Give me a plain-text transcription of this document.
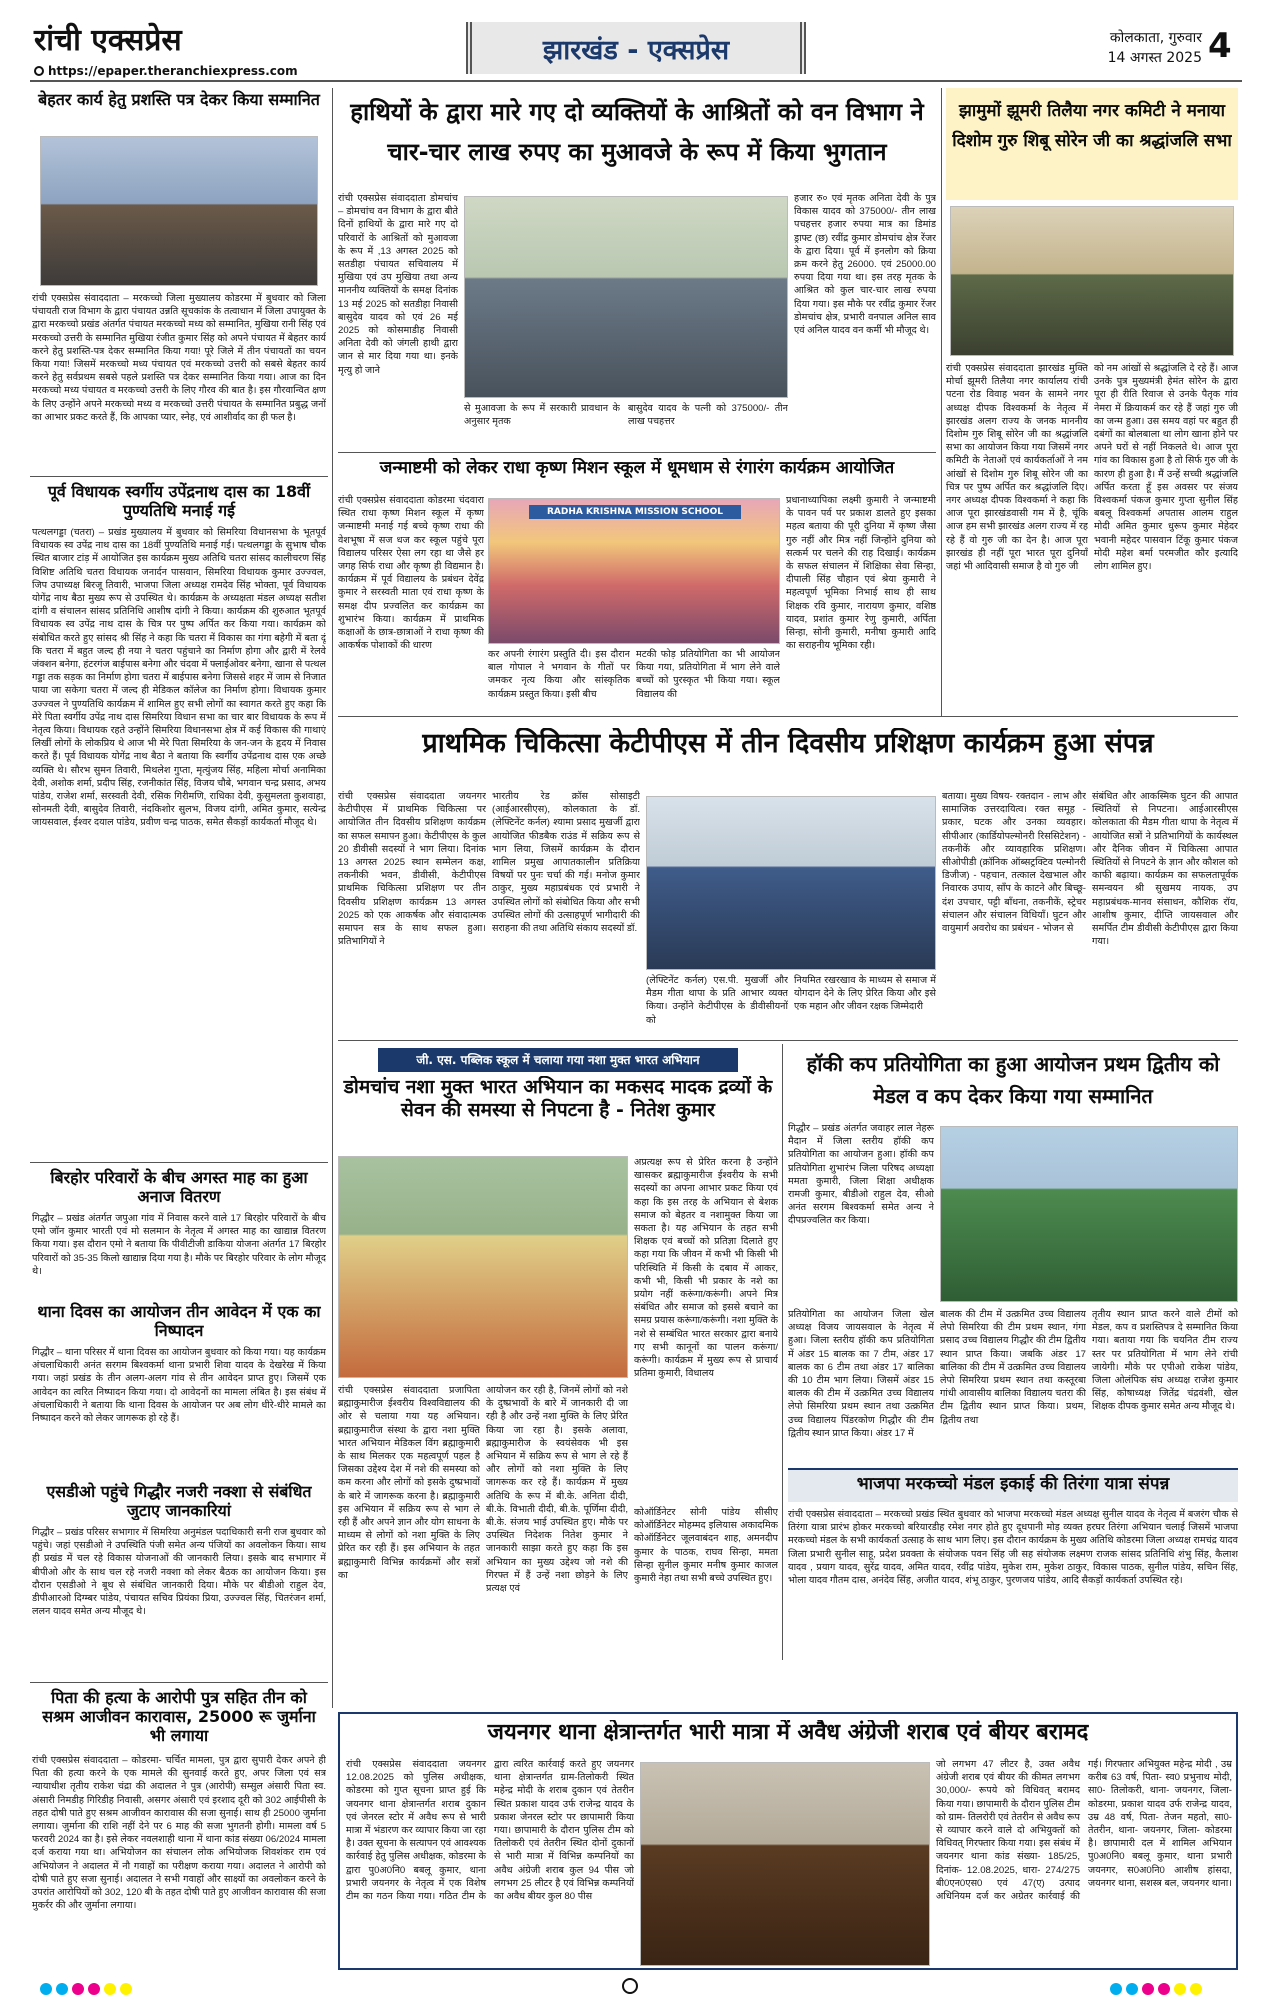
रांची एक्सप्रेस
https://epaper.theranchiexpress.com
झारखंड - एक्सप्रेस	कोलकाता, गुरुवार
14 अगस्त 2025 4
बेहतर कार्य हेतु प्रशस्ति पत्र देकर किया सम्मानित
रांची एक्सप्रेस संवाददाता – मरकच्चो जिला मुख्यालय कोडरमा में बुधवार को जिला पंचायती राज विभाग के द्वारा पंचायत उन्नति सूचकांक के तत्वाधान में जिला उपायुक्त के द्वारा मरकच्चो प्रखंड अंतर्गत पंचायत मरकच्चो मध्य को सम्मानित, मुखिया रानी सिंह एवं मरकच्चो उत्तरी के सम्मानित मुखिया रंजीत कुमार सिंह को अपने पंचायत में बेहतर कार्य करने हेतु प्रशस्ति-पत्र देकर सम्मानित किया गया! पूरे जिले में तीन पंचायतों का चयन किया गया! जिसमें मरकच्चो मध्य पंचायत एवं मरकच्चो उत्तरी को सबसे बेहतर कार्य करने हेतु सर्वप्रथम सबसे पहले प्रशस्ति पत्र देकर सम्मानित किया गया। आज का दिन मरकच्चो मध्य पंचायत व मरकच्चो उत्तरी के लिए गौरव की बात है। इस गौरवान्वित क्षण के लिए उन्होंने अपने मरकच्चो मध्य व मरकच्चो उत्तरी पंचायत के सम्मानित प्रबुद्ध जनों का आभार प्रकट करते हैं, कि आपका प्यार, स्नेह, एवं आशीर्वाद का ही फल है।
पूर्व विधायक स्वर्गीय उपेंद्रनाथ दास का 18वीं पुण्यतिथि मनाई गई
पत्थलगड्डा (चतरा) – प्रखंड मुख्यालय में बुधवार को सिमरिया विधानसभा के भूतपूर्व विधायक स्व उपेंद्र नाथ दास का 18वीं पुण्यतिथि मनाई गई। पत्थलगड्डा के सुभाष चौक स्थित बाजार टांड़ में आयोजित इस कार्यक्रम मुख्य अतिथि चतरा सांसद कालीचरण सिंह विशिष्ट अतिथि चतरा विधायक जनार्दन पासवान, सिमरिया विधायक कुमार उज्ज्वल, जिप उपाध्यक्ष बिरजू तिवारी, भाजपा जिला अध्यक्ष रामदेव सिंह भोक्ता, पूर्व विधायक योगेंद्र नाथ बैठा मुख्य रूप से उपस्थित थे। कार्यक्रम के अध्यक्षता मंडल अध्यक्ष सतीश दांगी व संचालन सांसद प्रतिनिधि आशीष दांगी ने किया। कार्यक्रम की शुरुआत भूतपूर्व विधायक स्व उपेंद्र नाथ दास के चित्र पर पुष्प अर्पित कर किया गया। कार्यक्रम को संबोधित करते हुए सांसद श्री सिंह ने कहा कि चतरा में विकास का गंगा बहेगी में बता दूं कि चतरा में बहुत जल्द ही नया ने चतरा पहुंचाने का निर्माण होगा और द्वारी में रेलवे जंक्शन बनेगा, हंटरगंज बाईपास बनेगा और चंदवा में फ्लाईओवर बनेगा, खाना से पत्थल गड्डा तक सड़क का निर्माण होगा चतरा में बाईपास बनेगा जिससे शहर में जाम से निजात पाया जा सकेगा चतरा में जल्द ही मेडिकल कॉलेज का निर्माण होगा। विधायक कुमार उज्ज्वल ने पुण्यतिथि कार्यक्रम में शामिल हुए सभी लोगों का स्वागत करते हुए कहा कि मेरे पिता स्वर्गीय उपेंद्र नाथ दास सिमरिया विधान सभा का चार बार विधायक के रूप में नेतृत्व किया। विधायक रहते उन्होंने सिमरिया विधानसभा क्षेत्र में कई विकास की गाथाएं लिखीं लोगों के लोकप्रिय थे आज भी मेरे पिता सिमरिया के जन-जन के हृदय में निवास करते हैं। पूर्व विधायक योगेंद्र नाथ बैठा ने बताया कि स्वर्गीय उपेंद्रनाथ दास एक अच्छे व्यक्ति थे। सौरभ सुमन तिवारी, मिथलेश गुप्ता, मृत्युंजय सिंह, महिला मोर्चा अनामिका देवी, अशोक शर्मा, प्रदीप सिंह, रजनीकांत सिंह, विजय चौबे, भगवान चन्द्र प्रसाद, अभय पांडेय, राजेश शर्मा, सरस्वती देवी, रसिक गिरीमणि, राधिका देवी, कुसुमलता कुशवाहा, सोनमती देवी, बासुदेव तिवारी, नंदकिशोर सुलभ, विजय दांगी, अमित कुमार, सत्येन्द्र जायसवाल, ईश्वर दयाल पांडेय, प्रवीण चन्द्र पाठक, समेत सैकड़ों कार्यकर्ता मौजूद थे।
बिरहोर परिवारों के बीच अगस्त माह का हुआ अनाज वितरण
गिद्धौर – प्रखंड अंतर्गत जपुआ गांव में निवास करने वाले 17 बिरहोर परिवारों के बीच एमो जॉन कुमार भारती एवं मो सलमान के नेतृत्व में अगस्त माह का खाद्यान्न वितरण किया गया। इस दौरान एमो ने बताया कि पीवीटीजी डाकिया योजना अंतर्गत 17 बिरहोर परिवारों को 35-35 किलो खाद्यान्न दिया गया है। मौके पर बिरहोर परिवार के लोग मौजूद थे।
थाना दिवस का आयोजन तीन आवेदन में एक का निष्पादन
गिद्धौर – थाना परिसर में थाना दिवस का आयोजन बुधवार को किया गया। यह कार्यक्रम अंचलाधिकारी अनंत सरगम बिश्वकर्मा थाना प्रभारी शिवा यादव के देखरेख में किया गया। जहां प्रखंड के तीन अलग-अलग गांव से तीन आवेदन प्राप्त हुए। जिसमें एक आवेदन का त्वरित निष्पादन किया गया। दो आवेदनों का मामला लंबित है। इस संबंध में अंचलाधिकारी ने बताया कि थाना दिवस के आयोजन पर अब लोग धीरे-धीरे मामले का निष्पादन करने को लेकर जागरूक हो रहे हैं।
एसडीओ पहुंचे गिद्धौर नजरी नक्शा से संबंधित जुटाए जानकारियां
गिद्धौर – प्रखंड परिसर सभागार में सिमरिया अनुमंडल पदाधिकारी सनी राज बुधवार को पहुंचे। जहां एसडीओ ने उपस्थिति पंजी समेत अन्य पंजियों का अवलोकन किया। साथ ही प्रखंड में चल रहे विकास योजनाओं की जानकारी लिया। इसके बाद सभागार में बीपीओ और के साथ चल रहे नजरी नक्शा को लेकर बैठक का आयोजन किया। इस दौरान एसडीओ ने बूथ से संबंधित जानकारी दिया। मौके पर बीडीओ राहुल देव, डीपीआरओ दिग्म्बर पांडेय, पंचायत सचिव प्रियंका प्रिया, उज्ज्वल सिंह, चितरंजन शर्मा, ललन यादव समेत अन्य मौजूद थे।
पिता की हत्या के आरोपी पुत्र सहित तीन को सश्रम आजीवन कारावास, 25000 रू जुर्माना भी लगाया
रांची एक्सप्रेस संवाददाता – कोडरमा- चर्चित मामला, पुत्र द्वारा सुपारी देकर अपने ही पिता की हत्या करने के एक मामले की सुनवाई करते हुए, अपर जिला एवं सत्र न्यायाधीश तृतीय राकेश चंद्रा की अदालत ने पुत्र (आरोपी) सम्सुल अंसारी पिता स्व. अंसारी निमडीह गिरिडीह निवासी, असगर अंसारी एवं इरशाद दूरी को 302 आईपीसी के तहत दोषी पाते हुए सश्रम आजीवन कारावास की सजा सुनाई। साथ ही 25000 जुर्माना लगाया। जुर्माना की राशि नहीं देने पर 6 माह की सजा भुगतनी होगी। मामला वर्ष 5 फरवरी 2024 का है। इसे लेकर नवलशाही थाना में थाना कांड संख्या 06/2024 मामला दर्ज कराया गया था। अभियोजन का संचालन लोक अभियोजक शिवशंकर राम एवं अभियोजन ने अदालत में नौ गवाहों का परीक्षण कराया गया। अदालत ने आरोपी को दोषी पाते हुए सजा सुनाई। अदालत ने सभी गवाहों और साक्ष्यों का अवलोकन करने के उपरांत आरोपियों को 302, 120 बी के तहत दोषी पाते हुए आजीवन कारावास की सजा मुकर्रर की और जुर्माना लगाया।
हाथियों के द्वारा मारे गए दो व्यक्तियों के आश्रितों को वन विभाग ने चार-चार लाख रुपए का मुआवजे के रूप में किया भुगतान
रांची एक्सप्रेस संवाददाता डोमचांच – डोमचांच वन विभाग के द्वारा बीते दिनों हाथियों के द्वारा मारे गए दो परिवारों के आश्रितों को मुआवजा के रूप में ,13 अगस्त 2025 को सतडीहा पंचायत सचिवालय में मुखिया एवं उप मुखिया तथा अन्य माननीय व्यक्तियों के समक्ष दिनांक 13 मई 2025 को सतडीहा निवासी बासुदेव यादव को एवं 26 मई 2025 को कोसमाडीह निवासी अनिता देवी को जंगली हाथी द्वारा जान से मार दिया गया था। इनके मृत्यु हो जाने
से मुआवजा के रूप में सरकारी प्रावधान के अनुसार मृतक
बासुदेव यादव के पत्नी को 375000/- तीन लाख पचहत्तर
हजार रु० एवं मृतक अनिता देवी के पुत्र विकास यादव को 375000/- तीन लाख पचहत्तर हजार रुपया मात्र का डिमांड ड्राफ्ट (छ) रवींद्र कुमार डोमचांच क्षेत्र रेंजर के द्वारा दिया। पूर्व में इनलोग को क्रिया क्रम करने हेतु 26000. एवं 25000.00 रुपया दिया गया था। इस तरह मृतक के आश्रित को कुल चार-चार लाख रुपया दिया गया। इस मौके पर रवींद्र कुमार रेंजर डोमचांच क्षेत्र, प्रभारी वनपाल अनिल साव एवं अनिल यादव वन कर्मी भी मौजूद थे।
जन्माष्टमी को लेकर राधा कृष्ण मिशन स्कूल में धूमधाम से रंगारंग कार्यक्रम आयोजित
रांची एक्सप्रेस संवाददाता कोडरमा चंदवारा स्थित राधा कृष्ण मिशन स्कूल में कृष्ण जन्माष्टमी मनाई गई बच्चे कृष्ण राधा की वेशभूषा में सज धज कर स्कूल पहुंचे पूरा विद्यालय परिसर ऐसा लग रहा था जैसे हर जगह सिर्फ राधा और कृष्ण ही विद्यमान है। कार्यक्रम में पूर्व विद्यालय के प्रबंधन देवेंद्र कुमार ने सरस्वती माता एवं राधा कृष्ण के समक्ष दीप प्रज्वलित कर कार्यक्रम का शुभारंभ किया। कार्यक्रम में प्राथमिक कक्षाओं के छात्र-छात्राओं ने राधा कृष्ण की आकर्षक पोशाकों की धारण
RADHA KRISHNA MISSION SCHOOL
कर अपनी रंगारंग प्रस्तुति दी। इस दौरान बाल गोपाल ने भगवान के गीतों पर जमकर नृत्य किया और सांस्कृतिक कार्यक्रम प्रस्तुत किया। इसी बीच
मटकी फोड़ प्रतियोगिता का भी आयोजन किया गया, प्रतियोगिता में भाग लेने वाले बच्चों को पुरस्कृत भी किया गया। स्कूल विद्यालय की
प्रधानाध्यापिका लक्ष्मी कुमारी ने जन्माष्टमी के पावन पर्व पर प्रकाश डालते हुए इसका महत्व बताया की पूरी दुनिया में कृष्ण जैसा गुरु नहीं और मित्र नहीं जिन्होंने दुनिया को सत्कर्म पर चलने की राह दिखाई। कार्यक्रम के सफल संचालन में शिक्षिका सेवा सिन्हा, दीपाली सिंह चौहान एवं श्रेया कुमारी ने महत्वपूर्ण भूमिका निभाई साथ ही साथ शिक्षक रवि कुमार, नारायण कुमार, वशिष्ठ यादव, प्रशांत कुमार रेणु कुमारी, अर्पिता सिन्हा, सोनी कुमारी, मनीषा कुमारी आदि का सराहनीय भूमिका रही।
झामुमों झूमरी तिलैया नगर कमिटी ने मनाया दिशोम गुरु शिबू सोरेन जी का श्रद्धांजलि सभा
रांची एक्सप्रेस संवाददाता झारखंड मुक्ति मोर्चा झूमरी तिलैया नगर कार्यालय रांची पटना रोड विवाह भवन के सामने नगर अध्यक्ष दीपक विश्वकर्मा के नेतृत्व में झारखंड अलग राज्य के जनक माननीय दिशोम गुरु शिबू सोरेन जी का श्रद्धांजलि सभा का आयोजन किया गया जिसमें नगर कमिटी के नेताओं एवं कार्यकर्ताओं ने नम आंखों से दिशोम गुरु शिबू सोरेन जी का चित्र पर पुष्प अर्पित कर श्रद्धांजलि दिए। नगर अध्यक्ष दीपक विश्वकर्मा ने कहा कि आज पूरा झारखंडवासी गम में है, चूंकि आज हम सभी झारखंड अलग राज्य में रह रहे हैं वो गुरु जी का देन है। आज पूरा झारखंड ही नहीं पूरा भारत पूरा दुनियाँ जहां भी आदिवासी समाज है वो गुरु जी
को नम आंखों से श्रद्धांजलि दे रहे हैं। आज उनके पुत्र मुख्यमंत्री हेमंत सोरेन के द्वारा पूरा ही रीति रिवाज से उनके पैतृक गांव नेमरा में क्रियाकर्म कर रहे हैं जहां गुरु जी का जन्म हुआ। उस समय वहां पर बहुत ही दबंगों का बोलबाला था लोग खाना होने पर अपने घरों से नहीं निकलते थे। आज पूरा गांव का विकास हुआ है तो सिर्फ गुरु जी के कारण ही हुआ है। मैं उन्हें सच्ची श्रद्धांजलि अर्पित करता हूँ इस अवसर पर संजय विश्वकर्मा पंकज कुमार गुप्ता सुनील सिंह बबलू विश्वकर्मा अपतास आलम राहुल मोदी अमित कुमार धुरूप कुमार मेहेदर भवानी महेदर पासवान टिंकू कुमार पंकज मोदी महेश बर्मा परमजीत कौर इत्यादि लोग शामिल हुए।
प्राथमिक चिकित्सा केटीपीएस में तीन दिवसीय प्रशिक्षण कार्यक्रम हुआ संपन्न
रांची एक्सप्रेस संवाददाता जयनगर केटीपीएस में प्राथमिक चिकित्सा पर आयोजित तीन दिवसीय प्रशिक्षण कार्यक्रम का सफल समापन हुआ। केटीपीएस के कुल 20 डीवीसी सदस्यों ने भाग लिया। दिनांक 13 अगस्त 2025 स्थान सम्मेलन कक्ष, तकनीकी भवन, डीवीसी, केटीपीएस प्राथमिक चिकित्सा प्रशिक्षण पर तीन दिवसीय प्रशिक्षण कार्यक्रम 13 अगस्त 2025 को एक आकर्षक और संवादात्मक समापन सत्र के साथ सफल हुआ। प्रतिभागियों ने
भारतीय रेड क्रॉस सोसाइटी (आईआरसीएस), कोलकाता के डॉ. (लेफ्टिनेंट कर्नल) श्यामा प्रसाद मुखर्जी द्वारा आयोजित फीडबैक राउंड में सक्रिय रूप से भाग लिया, जिसमें कार्यक्रम के दौरान शामिल प्रमुख आपातकालीन प्रतिक्रिया विषयों पर पुनः चर्चा की गई। मनोज कुमार ठाकुर, मुख्य महाप्रबंधक एवं प्रभारी ने उपस्थित लोगों को संबोधित किया और सभी उपस्थित लोगों की उत्साहपूर्ण भागीदारी की सराहना की तथा अतिथि संकाय सदस्यों डॉ.
(लेफ्टिनेंट कर्नल) एस.पी. मुखर्जी और मैडम गीता थापा के प्रति आभार व्यक्त किया। उन्होंने केटीपीएस के डीवीसीयनों को
नियमित रखरखाव के माध्यम से समाज में योगदान देने के लिए प्रेरित किया और इसे एक महान और जीवन रक्षक जिम्मेदारी
बताया। मुख्य विषय- रक्तदान - लाभ और सामाजिक उत्तरदायित्व। रक्त समूह - प्रकार, घटक और उनका व्यवहार। सीपीआर (कार्डियोपल्मोनरी रिससिटेशन) - तकनीकें और व्यावहारिक प्रशिक्षण। सीओपीडी (क्रॉनिक ऑब्सट्रक्टिव पल्मोनरी डिजीज) - पहचान, तत्काल देखभाल और निवारक उपाय, साँप के काटने और बिच्छू-दंश उपचार, पट्टी बाँधना, तकनीकें, स्ट्रेचर संचालन और संचालन विधियाँ। घुटन और वायुमार्ग अवरोध का प्रबंधन - भोजन से
संबंधित और आकस्मिक घुटन की आपात स्थितियों से निपटना। आईआरसीएस कोलकाता की मैडम गीता थापा के नेतृत्व में आयोजित सत्रों ने प्रतिभागियों के कार्यस्थल और दैनिक जीवन में चिकित्सा आपात स्थितियों से निपटने के ज्ञान और कौशल को काफी बढ़ाया। कार्यक्रम का सफलतापूर्वक समन्वयन श्री सुखमय नायक, उप महाप्रबंधक-मानव संसाधन, कौशिक रॉय, आशीष कुमार, दीप्ति जायसवाल और समर्पित टीम डीवीसी केटीपीएस द्वारा किया गया।
जी. एस. पब्लिक स्कूल में चलाया गया नशा मुक्त भारत अभियान
डोमचांच नशा मुक्त भारत अभियान का मकसद मादक द्रव्यों के सेवन की समस्या से निपटना है - नितेश कुमार
अप्रत्यक्ष रूप से प्रेरित करना है उन्होंने खासकर ब्रह्माकुमारीज ईश्वरीय के सभी सदस्यों का अपना आभार प्रकट किया एवं कहा कि इस तरह के अभियान से बेशक समाज को बेहतर व नशामुक्त किया जा सकता है। यह अभियान के तहत सभी शिक्षक एवं बच्चों को प्रतिज्ञा दिलाते हुए कहा गया कि जीवन में कभी भी किसी भी परिस्थिति में किसी के दबाव में आकर, कभी भी, किसी भी प्रकार के नशे का प्रयोग नहीं करूंगा/करूंगी। अपने मित्र संबंधित और समाज को इससे बचाने का समग्र प्रयास करूंगा/करूंगी। नशा मुक्ति के नशे से सम्बंधित भारत सरकार द्वारा बनाये गए सभी कानूनों का पालन करूंगा/करूंगी। कार्यक्रम में मुख्य रूप से प्राचार्य प्रतिमा कुमारी, विधालय
रांची एक्सप्रेस संवाददाता प्रजापिता ब्रह्माकुमारीज ईश्वरीय विश्वविद्यालय की ओर से चलाया गया यह अभियान। ब्रह्माकुमारीज संस्था के द्वारा नशा मुक्ति भारत अभियान मेडिकल विंग ब्रह्माकुमारी के साथ मिलकर एक महत्वपूर्ण पहल है जिसका उद्देश्य देश में नशे की समस्या को कम करना और लोगों को इसके दुष्प्रभावों के बारे में जागरूक करना है। ब्रह्माकुमारी इस अभियान में सक्रिय रूप से भाग ले रही हैं और अपने ज्ञान और योग साधना के माध्यम से लोगों को नशा मुक्ति के लिए प्रेरित कर रही हैं। इस अभियान के तहत ब्रह्माकुमारी विभिन्न कार्यक्रमों और सत्रों का
आयोजन कर रही है, जिनमें लोगों को नशे के दुष्प्रभावों के बारे में जानकारी दी जा रही है और उन्हें नशा मुक्ति के लिए प्रेरित किया जा रहा है। इसके अलावा, ब्रह्माकुमारीज के स्वयंसेवक भी इस अभियान में सक्रिय रूप से भाग ले रहे हैं और लोगों को नशा मुक्ति के लिए जागरूक कर रहे हैं। कार्यक्रम में मुख्य अतिथि के रूप में बी.के. अनिता दीदी, बी.के. विभाती दीदी, बी.के. पूर्णिमा दीदी, बी.के. संजय भाई उपस्थित हुए। मौके पर उपस्थित निदेशक नितेश कुमार ने जानकारी साझा करते हुए कहा कि इस अभियान का मुख्य उद्देश्य जो नशे की गिरफ्त में हैं उन्हें नशा छोड़ने के लिए प्रत्यक्ष एवं
कोऑर्डिनेटर सोनी पांडेय सीसीए कोऑर्डिनेटर मोहम्मद इलियास अकादमिक कोऑर्डिनेटर जूलवाबंदन शाह, अमनदीप कुमार के पाठक, राघव सिन्हा, ममता सिन्हा सुनील कुमार मनीष कुमार काजल कुमारी नेहा तथा सभी बच्चे उपस्थित हुए।
हॉकी कप प्रतियोगिता का हुआ आयोजन प्रथम द्वितीय को मेडल व कप देकर किया गया सम्मानित
गिद्धौर – प्रखंड अंतर्गत जवाहर लाल नेहरू मैदान में जिला स्तरीय हॉकी कप प्रतियोगिता का आयोजन हुआ। हॉकी कप प्रतियोगिता शुभारंभ जिला परिषद अध्यक्षा ममता कुमारी, जिला शिक्षा अधीक्षक रामजी कुमार, बीडीओ राहुल देव, सीओ अनंत सरगम बिश्वकर्मा समेत अन्य ने दीपप्रज्वलित कर किया।
प्रतियोगिता का आयोजन जिला खेल अध्यक्ष विजय जायसवाल के नेतृत्व में हुआ। जिला स्तरीय हॉकी कप प्रतियोगिता में अंडर 15 बालक का 7 टीम, अंडर 17 बालक का 6 टीम तथा अंडर 17 बालिका की 10 टीम भाग लिया। जिसमें अंडर 15 बालक की टीम में उत्क्रमित उच्च विद्यालय लेपो सिमरिया प्रथम स्थान तथा उत्क्रमित उच्च विद्यालय पिंडरकोण गिद्धौर की टीम द्वितीय स्थान प्राप्त किया। अंडर 17 में
बालक की टीम में उत्क्रमित उच्च विद्यालय लेपो सिमरिया की टीम प्रथम स्थान, गंगा प्रसाद उच्च विद्यालय गिद्धौर की टीम द्वितीय स्थान प्राप्त किया। जबकि अंडर 17 बालिका की टीम में उत्क्रमित उच्च विद्यालय लेपो सिमरिया प्रथम स्थान तथा कस्तूरबा गांधी आवासीय बालिका विद्यालय चतरा की टीम द्वितीय स्थान प्राप्त किया। प्रथम, द्वितीय तथा
तृतीय स्थान प्राप्त करने वाले टीमों को मेडल, कप व प्रशस्तिपत्र दे सम्मानित किया गया। बताया गया कि चयनित टीम राज्य स्तर पर प्रतियोगिता में भाग लेने रांची जायेगी। मौके पर एपीओ राकेश पांडेय, जिला ओलंपिक संघ अध्यक्ष राजेश कुमार सिंह, कोषाध्यक्ष जितेंद्र चंद्रवंशी, खेल शिक्षक दीपक कुमार समेत अन्य मौजूद थे।
भाजपा मरकच्चो मंडल इकाई की तिरंगा यात्रा संपन्न
रांची एक्सप्रेस संवाददाता – मरकच्चो प्रखंड स्थित बुधवार को भाजपा मरकच्चो मंडल अध्यक्ष सुनील यादव के नेतृत्व में बजरंग चौक से तिरंगा यात्रा प्रारंभ होकर मरकच्चो बरियारडीह रमेश नगर होते हुए दूधपानी मोड़ व्यक्त हरघर तिरंगा अभियान चलाई जिसमें भाजपा मरकच्चो मंडल के सभी कार्यकर्ता उत्साह के साथ भाग लिए। इस दौरान कार्यक्रम के मुख्य अतिथि कोडरमा जिला अध्यक्ष रामचंद्र यादव जिला प्रभारी सुनील साहू, प्रदेश प्रवक्ता के संयोजक पवन सिंह जी सह संयोजक लक्ष्मण राजक सांसद प्रतिनिधि शंभु सिंह, कैलाश यादव , प्रयाग यादव, सुरेंद्र यादव, अमित यादव, रवींद्र पांडेय, मुकेश राम, मुकेश ठाकुर, विकास पाठक, सुनील पांडेय, सचिन सिंह, भोला यादव गौतम दास, अनंदेव सिंह, अजीत यादव, शंभू ठाकुर, पुरणजय पांडेय, आदि सैकड़ों कार्यकर्ता उपस्थित रहे।
जयनगर थाना क्षेत्रान्तर्गत भारी मात्रा में अवैध अंग्रेजी शराब एवं बीयर बरामद
रांची एक्सप्रेस संवाददाता जयनगर 12.08.2025 को पुलिस अधीक्षक, कोडरमा को गुप्त सूचना प्राप्त हुई कि जयनगर थाना क्षेत्रान्तर्गत शराब दुकान एवं जेनरल स्टोर में अवैध रूप से भारी मात्रा में भंडारण कर व्यापार किया जा रहा है। उक्त सूचना के सत्यापन एवं आवश्यक कार्रवाई हेतु पुलिस अधीक्षक, कोडरमा के द्वारा पु0अ0नि0 बबलू कुमार, थाना प्रभारी जयनगर के नेतृत्व में एक विशेष टीम का गठन किया गया। गठित टीम के द्वारा त्वरित कार्रवाई करते हुए जयनगर थाना क्षेत्रान्तर्गत ग्राम-तिलोकरी स्थित महेन्द्र मोदी के शराब दुकान एवं तेतरीन स्थित प्रकाश यादव उर्फ राजेन्द्र यादव के प्रकाश जेनरल स्टोर पर छापामारी किया गया। छापामारी के दौरान पुलिस टीम को तिलोकरी एवं तेतरीन स्थित दोनों दुकानों से भारी मात्रा में विभिन्न कम्पनियों का अवैध अंग्रेजी शराब कुल 94 पीस जो लगभग 25 लीटर है एवं विभिन्न कम्पनियों का अवैध बीयर कुल 80 पीस
जो लगभग 47 लीटर है, उक्त अवैध अंग्रेजी शराब एवं बीयर की कीमत लगभग 30,000/- रूपये को विधिवत् बरामद किया गया। छापामारी के दौरान पुलिस टीम को ग्राम- तिलरोरी एवं तेतरीन से अवैध रूप से व्यापार करने वाले दो अभियुक्तों को विधिवत् गिरफ्तार किया गया। इस संबंध में जयनगर थाना कांड संख्या- 185/25, दिनांक- 12.08.2025, धारा- 274/275 बी0एन0एस0 एवं 47(ए) उत्पाद अधिनियम दर्ज कर अग्रेतर कार्रवाई की गई। गिरफ्तार अभियुक्त महेन्द्र मोदी , उम्र करीब 63 वर्ष, पिता- स्व0 प्रभुनाथ मोदी, सा0- तिलोकरी, थाना- जयनगर, जिला- कोडरमा, प्रकाश यादव उर्फ राजेन्द्र यादव, उम्र 48 वर्ष, पिता- तेजन महतो, सा0- तेतरीन, थाना- जयनगर, जिला- कोडरमा है। छापामारी दल में शामिल अभियान पु0अ0नि0 बबलू कुमार, थाना प्रभारी जयनगर, स0अ0नि0 आशीष हांसदा, जयनगर थाना, सशस्त्र बल, जयनगर थाना।
